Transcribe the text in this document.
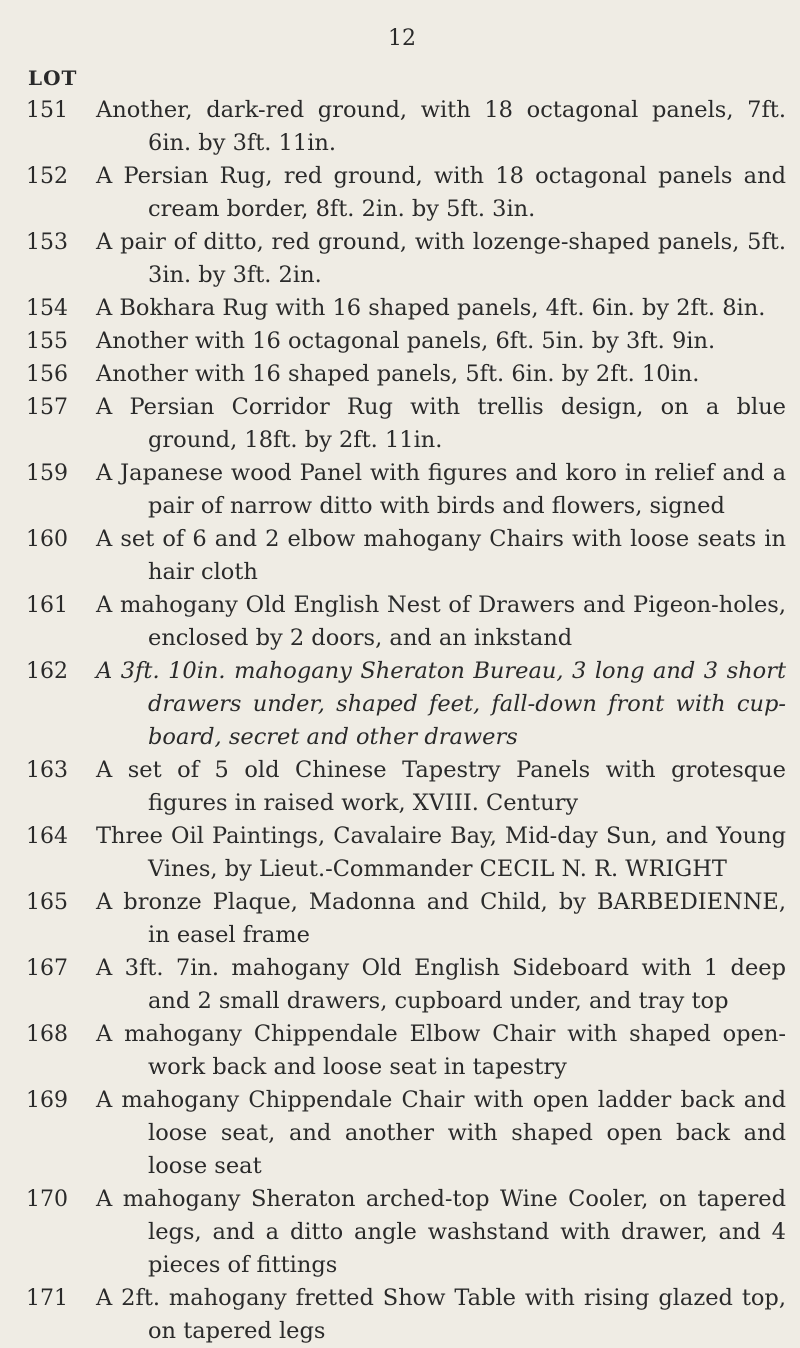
12
LOT
151	Another, dark-red ground, with 18 octagonal panels, 7ft. 6in. by 3ft. 11in.
152	A Persian Rug, red ground, with 18 octagonal panels and cream border, 8ft. 2in. by 5ft. 3in.
153	A pair of ditto, red ground, with lozenge-shaped panels, 5ft. 3in. by 3ft. 2in.
154	A Bokhara Rug with 16 shaped panels, 4ft. 6in. by 2ft. 8in.
155	Another with 16 octagonal panels, 6ft. 5in. by 3ft. 9in.
156	Another with 16 shaped panels, 5ft. 6in. by 2ft. 10in.
157	A Persian Corridor Rug with trellis design, on a blue ground, 18ft. by 2ft. 11in.
159	A Japanese wood Panel with figures and koro in relief and a pair of narrow ditto with birds and flowers, signed
160	A set of 6 and 2 elbow mahogany Chairs with loose seats in hair cloth
161	A mahogany Old English Nest of Drawers and Pigeon-holes, enclosed by 2 doors, and an inkstand
162	A 3ft. 10in. mahogany Sheraton Bureau, 3 long and 3 short drawers under, shaped feet, fall-down front with cup-board, secret and other drawers
163	A set of 5 old Chinese Tapestry Panels with grotesque figures in raised work, XVIII. Century
164	Three Oil Paintings, Cavalaire Bay, Mid-day Sun, and Young Vines, by Lieut.-Commander CECIL N. R. WRIGHT
165	A bronze Plaque, Madonna and Child, by BARBEDIENNE, in easel frame
167	A 3ft. 7in. mahogany Old English Sideboard with 1 deep and 2 small drawers, cupboard under, and tray top
168	A mahogany Chippendale Elbow Chair with shaped open-work back and loose seat in tapestry
169	A mahogany Chippendale Chair with open ladder back and loose seat, and another with shaped open back and loose seat
170	A mahogany Sheraton arched-top Wine Cooler, on tapered legs, and a ditto angle washstand with drawer, and 4 pieces of fittings
171	A 2ft. mahogany fretted Show Table with rising glazed top, on tapered legs
